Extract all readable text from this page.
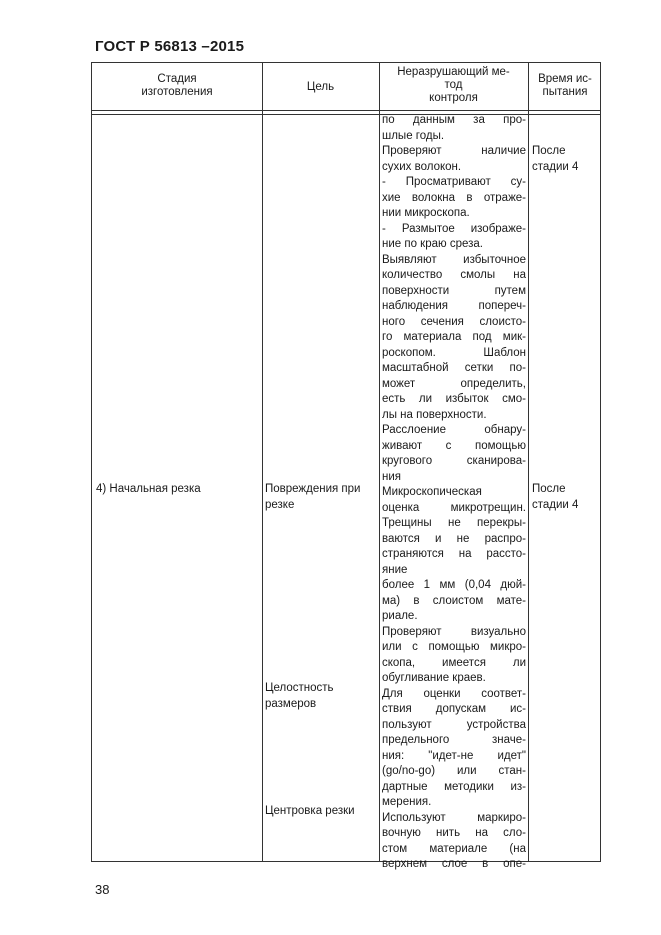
ГОСТ Р 56813 –2015
Стадия
изготовления	Цель
Неразрушающий ме-
тод
контроля
Время ис-
пытания
4) Начальная резка	Повреждения при
резке
Целостность
размеров
Центровка резки
После
стадии 4
После
стадии 4
по данным за про-
шлые годы.
Проверяют наличие
сухих волокон.
- Просматривают су-
хие волокна в отраже-
нии микроскопа.
- Размытое изображе-
ние по краю среза.
Выявляют избыточное
количество смолы на
поверхности путем
наблюдения попереч-
ного сечения слоисто-
го материала под мик-
роскопом. Шаблон
масштабной сетки по-
может определить,
есть ли избыток смо-
лы на поверхности.
Расслоение обнару-
живают с помощью
кругового сканирова-
ния
Микроскопическая
оценка микротрещин.
Трещины не перекры-
ваются и не распро-
страняются на рассто-
яние
более 1 мм (0,04 дюй-
ма) в слоистом мате-
риале.
Проверяют визуально
или с помощью микро-
скопа, имеется ли
обугливание краев.
Для оценки соответ-
ствия допускам ис-
пользуют устройства
предельного значе-
ния: "идет-не идет"
(go/no-go) или стан-
дартные методики из-
мерения.
Используют маркиро-
вочную нить на сло-
стом материале (на
верхнем слое в опе-
38
